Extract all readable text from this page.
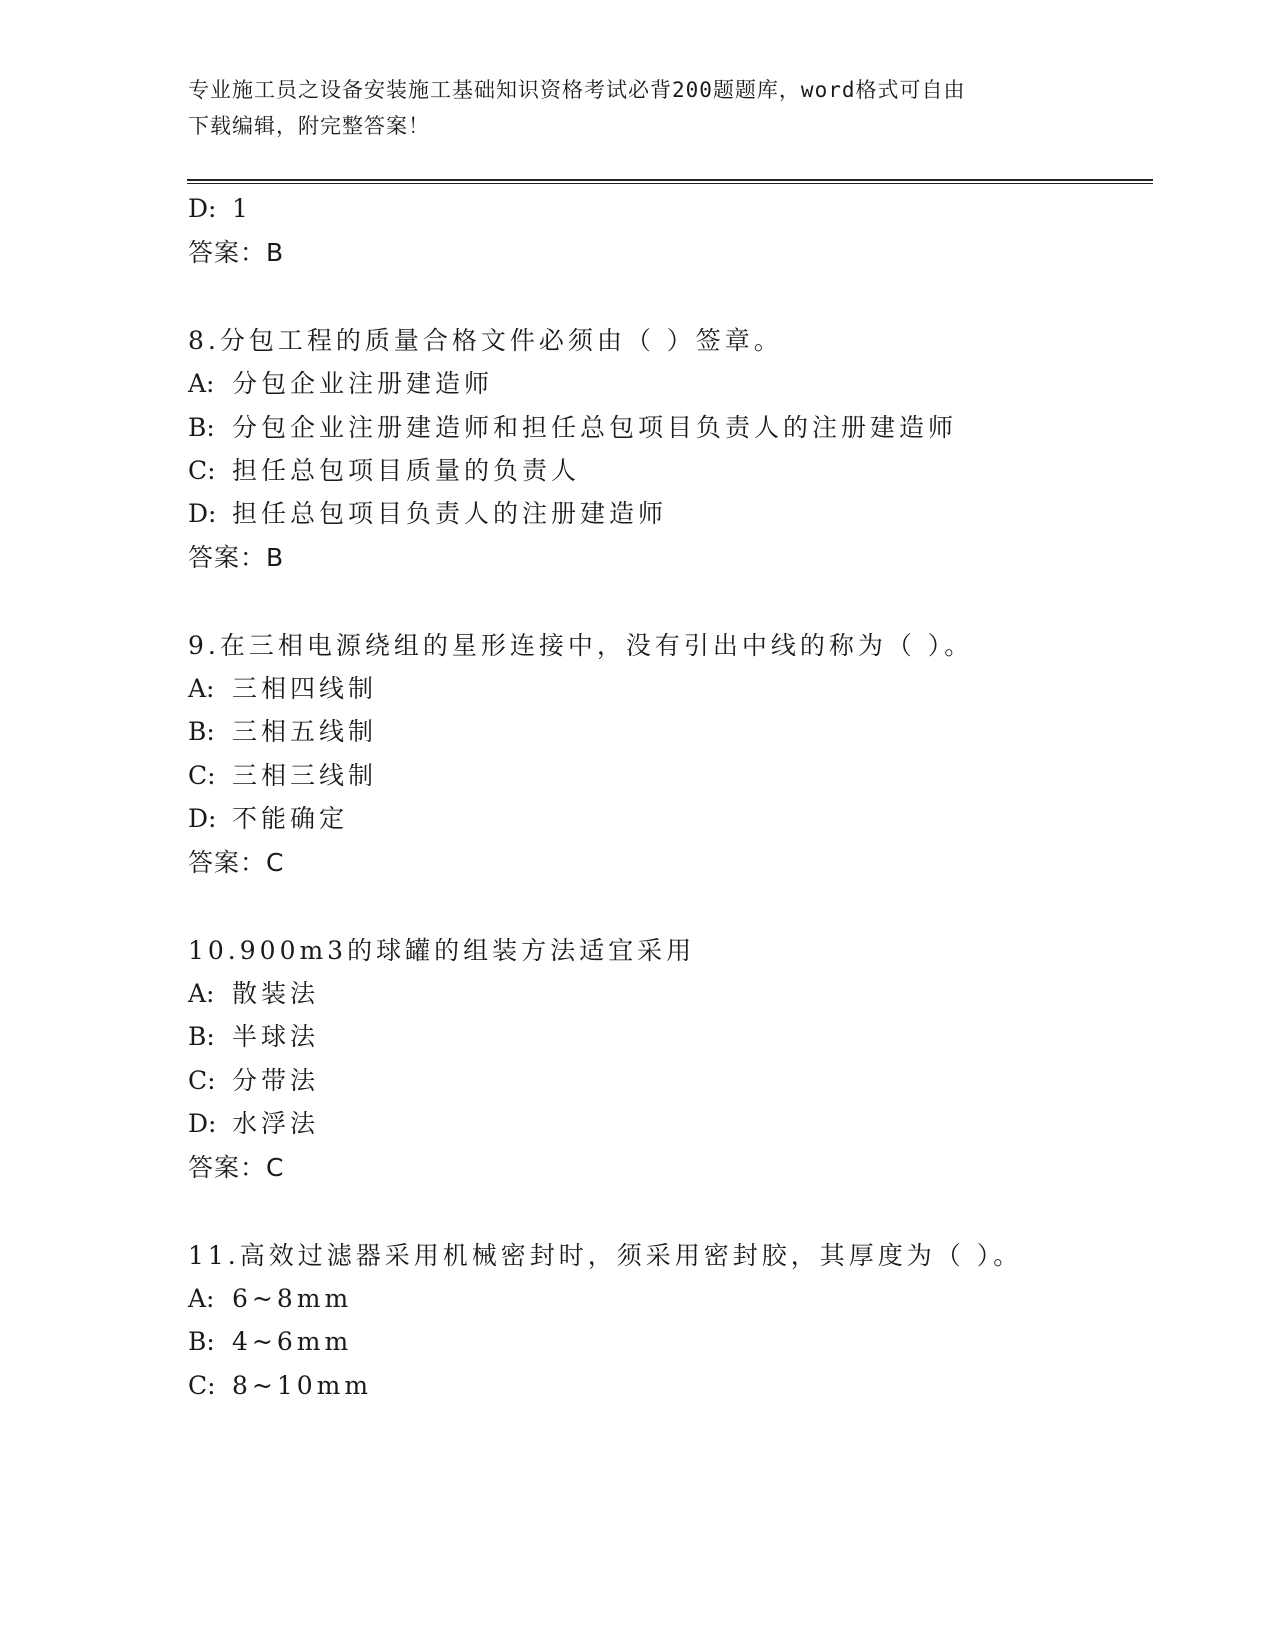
专业施工员之设备安装施工基础知识资格考试必背200题题库，word格式可自由
下载编辑，附完整答案！
D: 1
答案：B
8.分包工程的质量合格文件必须由（ ）签章。
A: 分包企业注册建造师
B: 分包企业注册建造师和担任总包项目负责人的注册建造师
C: 担任总包项目质量的负责人
D: 担任总包项目负责人的注册建造师
答案：B
9.在三相电源绕组的星形连接中，没有引出中线的称为（ ）。
A: 三相四线制
B: 三相五线制
C: 三相三线制
D: 不能确定
答案：C
10.900m3的球罐的组装方法适宜采用
A: 散装法
B: 半球法
C: 分带法
D: 水浮法
答案：C
11.高效过滤器采用机械密封时，须采用密封胶，其厚度为（ ）。
A: 6~8mm
B: 4~6mm
C: 8~10mm
